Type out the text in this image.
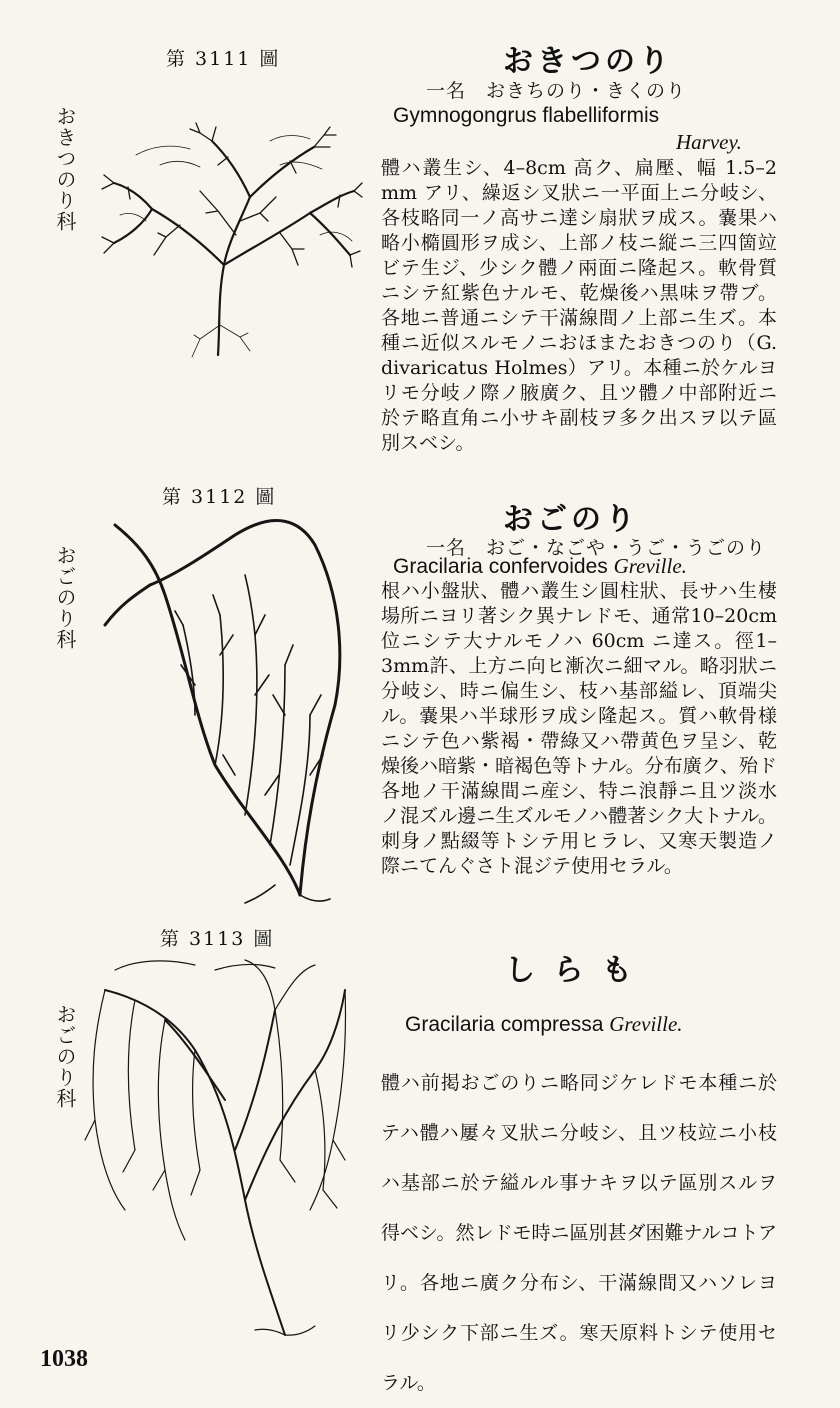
第 3111 圖
おきつのり科
おきつのり
一名　おきちのり・きくのり
Gymnogongrus flabelliformis
Harvey.
體ハ叢生シ、4–8cm 高ク、扁壓、幅 1.5–2 mm アリ、繰返シ叉狀ニ一平面上ニ分岐シ、各枝略同一ノ高サニ達シ扇狀ヲ成ス。嚢果ハ略小橢圓形ヲ成シ、上部ノ枝ニ縦ニ三四箇竝ビテ生ジ、少シク體ノ兩面ニ隆起ス。軟骨質ニシテ紅紫色ナルモ、乾燥後ハ黒味ヲ帶ブ。各地ニ普通ニシテ干滿線間ノ上部ニ生ズ。本種ニ近似スルモノニおほまたおきつのり（G. divaricatus Holmes）アリ。本種ニ於ケルヨリモ分岐ノ際ノ腋廣ク、且ツ體ノ中部附近ニ於テ略直角ニ小サキ副枝ヲ多ク出スヲ以テ區別スベシ。
第 3112 圖
おごのり科
おごのり
一名　おご・なごや・うご・うごのり
Gracilaria confervoides Greville.
根ハ小盤狀、體ハ叢生シ圓柱狀、長サハ生棲場所ニヨリ著シク異ナレドモ、通常10–20cm 位ニシテ大ナルモノハ 60cm ニ達ス。徑1–3mm許、上方ニ向ヒ漸次ニ細マル。略羽狀ニ分岐シ、時ニ偏生シ、枝ハ基部縊レ、頂端尖ル。嚢果ハ半球形ヲ成シ隆起ス。質ハ軟骨様ニシテ色ハ紫褐・帶綠又ハ帶黄色ヲ呈シ、乾燥後ハ暗紫・暗褐色等トナル。分布廣ク、殆ド各地ノ干滿線間ニ産シ、特ニ浪靜ニ且ツ淡水ノ混ズル邊ニ生ズルモノハ體著シク大トナル。刺身ノ點綴等トシテ用ヒラレ、又寒天製造ノ際ニてんぐさト混ジテ使用セラル。
第 3113 圖
おごのり科
し ら も
Gracilaria compressa Greville.
體ハ前掲おごのりニ略同ジケレドモ本種ニ於テハ體ハ屢々叉狀ニ分岐シ、且ツ枝竝ニ小枝ハ基部ニ於テ縊ルル事ナキヲ以テ區別スルヲ得ベシ。然レドモ時ニ區別甚ダ困難ナルコトアリ。各地ニ廣ク分布シ、干滿線間又ハソレヨリ少シク下部ニ生ズ。寒天原料トシテ使用セラル。
1038
